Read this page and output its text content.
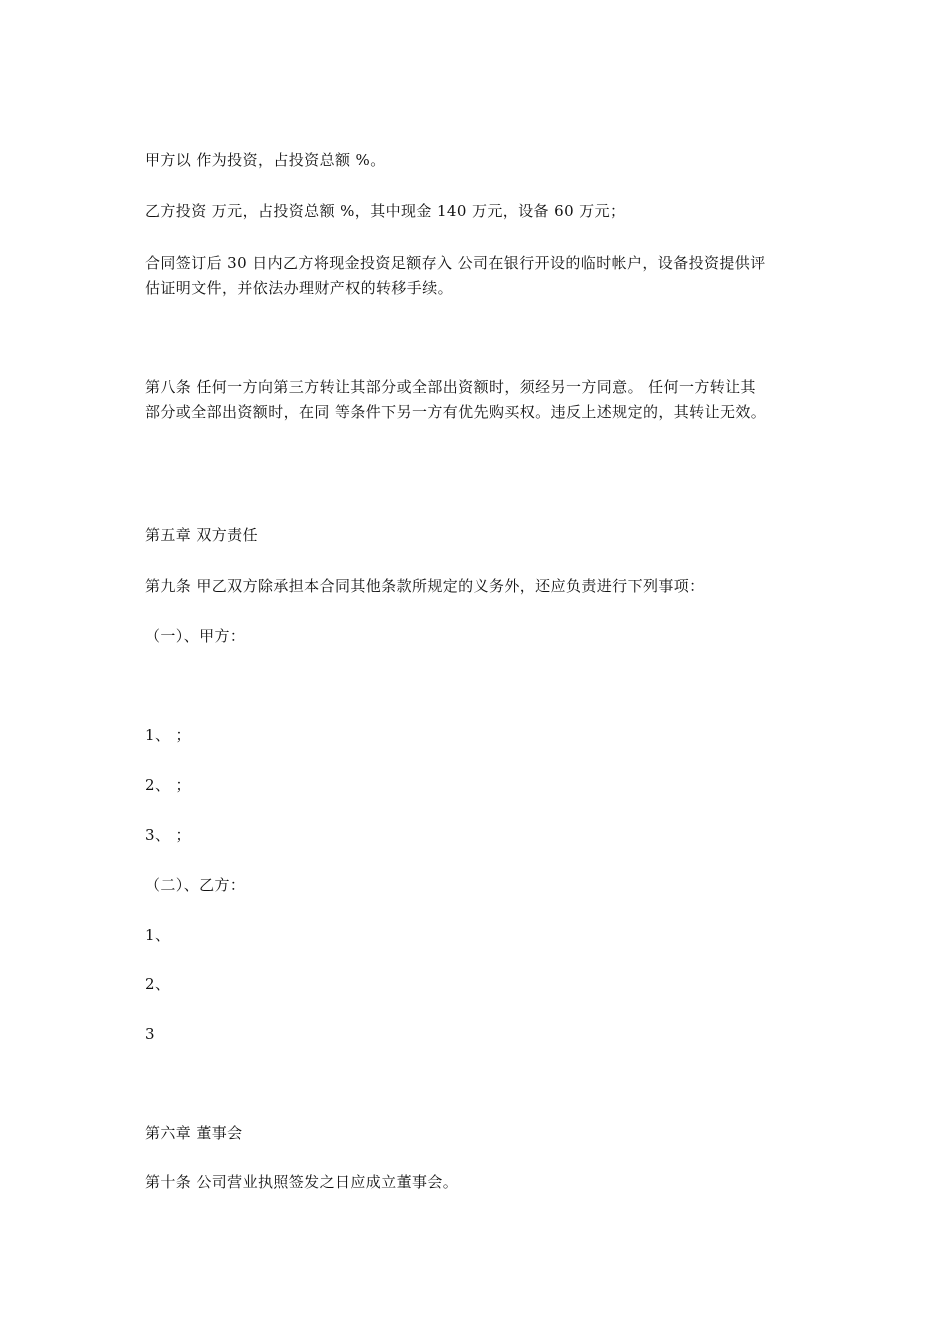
甲方以 作为投资，占投资总额 %。
乙方投资 万元，占投资总额 %，其中现金 140 万元，设备 60 万元；
合同签订后 30 日内乙方将现金投资足额存入 公司在银行开设的临时帐户，设备投资提供评
估证明文件，并依法办理财产权的转移手续。
第八条 任何一方向第三方转让其部分或全部出资额时，须经另一方同意。 任何一方转让其
部分或全部出资额时，在同 等条件下另一方有优先购买权。违反上述规定的，其转让无效。
第五章 双方责任
第九条 甲乙双方除承担本合同其他条款所规定的义务外，还应负责进行下列事项：
（一）、甲方：
1、 ；
2、 ；
3、 ；
（二）、乙方：
1、
2、
3
第六章 董事会
第十条 公司营业执照签发之日应成立董事会。
